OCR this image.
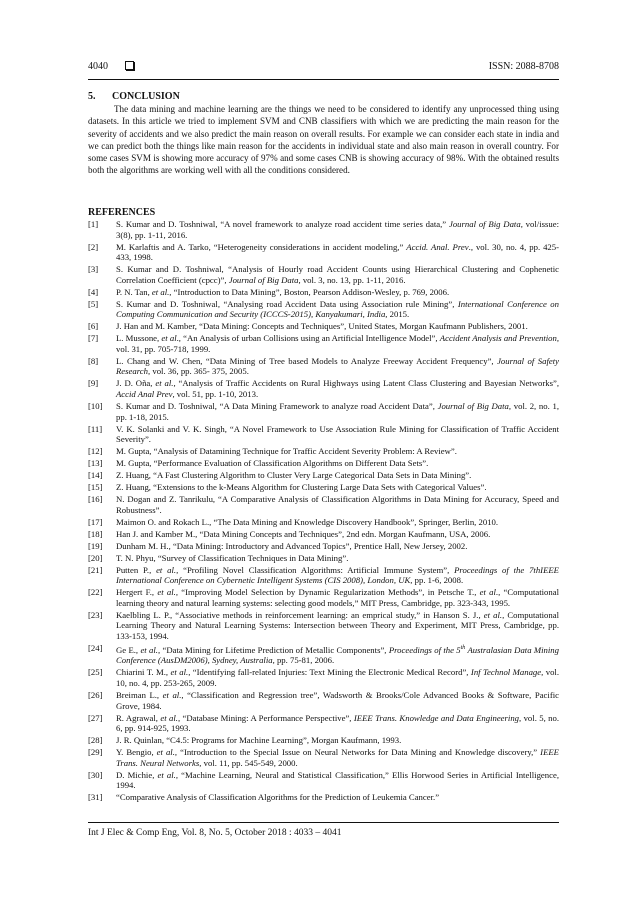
4040	ISSN: 2088-8708
5. CONCLUSION
The data mining and machine learning are the things we need to be considered to identify any unprocessed thing using datasets. In this article we tried to implement SVM and CNB classifiers with which we are predicting the main reason for the severity of accidents and we also predict the main reason on overall results. For example we can consider each state in india and we can predict both the things like main reason for the accidents in individual state and also main reason in overall country. For some cases SVM is showing more accuracy of 97% and some cases CNB is showing accuracy of 98%. With the obtained results both the algorithms are working well with all the conditions considered.
REFERENCES
[1] S. Kumar and D. Toshniwal, “A novel framework to analyze road accident time series data,” Journal of Big Data, vol/issue: 3(8), pp. 1-11, 2016.
[2] M. Karlaftis and A. Tarko, “Heterogeneity considerations in accident modeling,” Accid. Anal. Prev., vol. 30, no. 4, pp. 425-433, 1998.
[3] S. Kumar and D. Toshniwal, “Analysis of Hourly road Accident Counts using Hierarchical Clustering and Cophenetic Correlation Coefficient (cpcc)”, Journal of Big Data, vol. 3, no. 13, pp. 1-11, 2016.
[4] P. N. Tan, et al., “Introduction to Data Mining”, Boston, Pearson Addison-Wesley, p. 769, 2006.
[5] S. Kumar and D. Toshniwal, “Analysing road Accident Data using Association rule Mining”, International Conference on Computing Communication and Security (ICCCS-2015), Kanyakumari, India, 2015.
[6] J. Han and M. Kamber, “Data Mining: Concepts and Techniques”, United States, Morgan Kaufmann Publishers, 2001.
[7] L. Mussone, et al., “An Analysis of urban Collisions using an Artificial Intelligence Model”, Accident Analysis and Prevention, vol. 31, pp. 705-718, 1999.
[8] L. Chang and W. Chen, “Data Mining of Tree based Models to Analyze Freeway Accident Frequency”, Journal of Safety Research, vol. 36, pp. 365- 375, 2005.
[9] J. D. Oña, et al., “Analysis of Traffic Accidents on Rural Highways using Latent Class Clustering and Bayesian Networks”, Accid Anal Prev, vol. 51, pp. 1-10, 2013.
[10] S. Kumar and D. Toshniwal, “A Data Mining Framework to analyze road Accident Data”, Journal of Big Data, vol. 2, no. 1, pp. 1-18, 2015.
[11] V. K. Solanki and V. K. Singh, “A Novel Framework to Use Association Rule Mining for Classification of Traffic Accident Severity”.
[12] M. Gupta, “Analysis of Datamining Technique for Traffic Accident Severity Problem: A Review”.
[13] M. Gupta, “Performance Evaluation of Classification Algorithms on Different Data Sets”.
[14] Z. Huang, “A Fast Clustering Algorithm to Cluster Very Large Categorical Data Sets in Data Mining”.
[15] Z. Huang, “Extensions to the k-Means Algorithm for Clustering Large Data Sets with Categorical Values”.
[16] N. Dogan and Z. Tanrikulu, “A Comparative Analysis of Classification Algorithms in Data Mining for Accuracy, Speed and Robustness”.
[17] Maimon O. and Rokach L., “The Data Mining and Knowledge Discovery Handbook”, Springer, Berlin, 2010.
[18] Han J. and Kamber M., “Data Mining Concepts and Techniques”, 2nd edn. Morgan Kaufmann, USA, 2006.
[19] Dunham M. H., “Data Mining: Introductory and Advanced Topics”, Prentice Hall, New Jersey, 2002.
[20] T. N. Phyu, “Survey of Classification Techniques in Data Mining”.
[21] Putten P., et al., “Profiling Novel Classification Algorithms: Artificial Immune System”, Proceedings of the 7thIEEE International Conference on Cybernetic Intelligent Systems (CIS 2008), London, UK, pp. 1-6, 2008.
[22] Hergert F., et al., “Improving Model Selection by Dynamic Regularization Methods”, in Petsche T., et al., “Computational learning theory and natural learning systems: selecting good models,” MIT Press, Cambridge, pp. 323-343, 1995.
[23] Kaelbling L. P., “Associative methods in reinforcement learning: an emprical study,” in Hanson S. J., et al., Computational Learning Theory and Natural Learning Systems: Intersection between Theory and Experiment, MIT Press, Cambridge, pp. 133-153, 1994.
[24] Ge E., et al., “Data Mining for Lifetime Prediction of Metallic Components”, Proceedings of the 5th Australasian Data Mining Conference (AusDM2006), Sydney, Australia, pp. 75-81, 2006.
[25] Chiarini T. M., et al., “Identifying fall-related Injuries: Text Mining the Electronic Medical Record”, Inf Technol Manage, vol. 10, no. 4, pp. 253-265, 2009.
[26] Breiman L., et al., “Classification and Regression tree”, Wadsworth & Brooks/Cole Advanced Books & Software, Pacific Grove, 1984.
[27] R. Agrawal, et al., “Database Mining: A Performance Perspective”, IEEE Trans. Knowledge and Data Engineering, vol. 5, no. 6, pp. 914-925, 1993.
[28] J. R. Quinlan, “C4.5: Programs for Machine Learning”, Morgan Kaufmann, 1993.
[29] Y. Bengio, et al., “Introduction to the Special Issue on Neural Networks for Data Mining and Knowledge discovery,” IEEE Trans. Neural Networks, vol. 11, pp. 545-549, 2000.
[30] D. Michie, et al., “Machine Learning, Neural and Statistical Classification,” Ellis Horwood Series in Artificial Intelligence, 1994.
[31] “Comparative Analysis of Classification Algorithms for the Prediction of Leukemia Cancer.”
Int J Elec & Comp Eng, Vol. 8, No. 5, October 2018 : 4033 – 4041
